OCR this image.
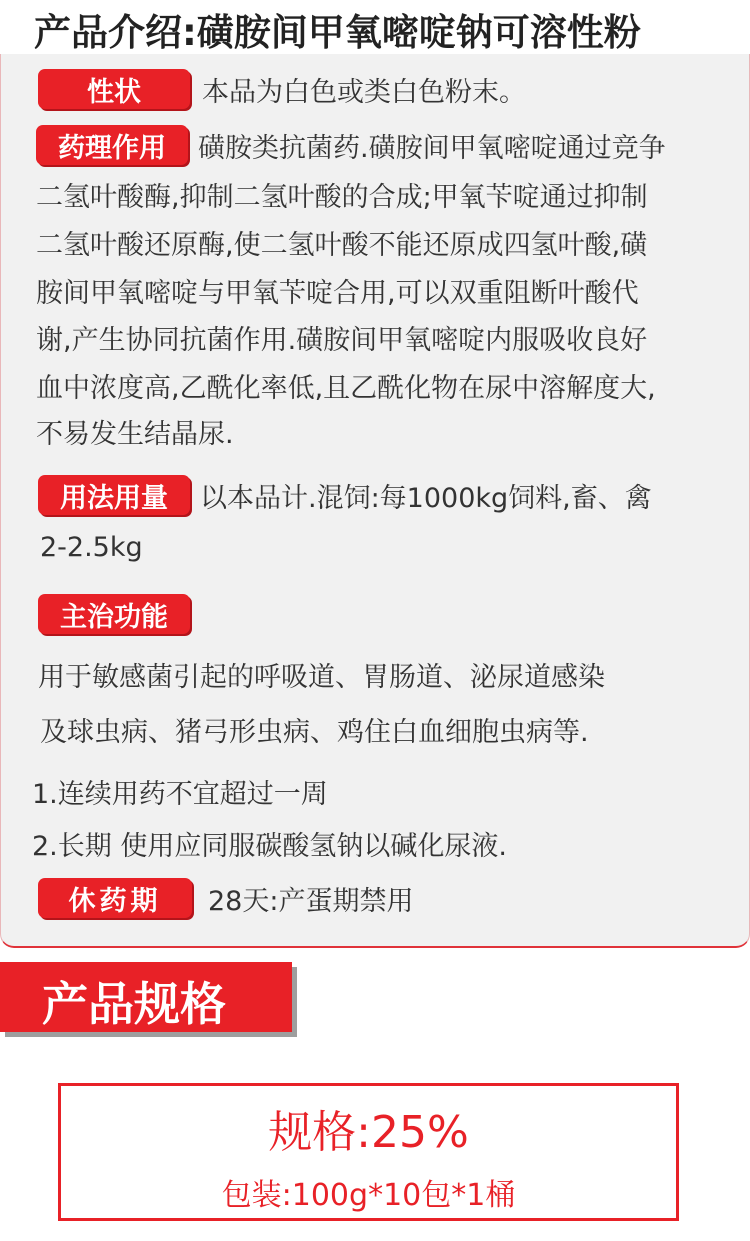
产品介绍:磺胺间甲氧嘧啶钠可溶性粉
性状	本品为白色或类白色粉末。
药理作用	磺胺类抗菌药.磺胺间甲氧嘧啶通过竞争
二氢叶酸酶,抑制二氢叶酸的合成;甲氧苄啶通过抑制
二氢叶酸还原酶,使二氢叶酸不能还原成四氢叶酸,磺
胺间甲氧嘧啶与甲氧苄啶合用,可以双重阻断叶酸代
谢,产生协同抗菌作用.磺胺间甲氧嘧啶内服吸收良好
血中浓度高,乙酰化率低,且乙酰化物在尿中溶解度大,
不易发生结晶尿.
用法用量	以本品计.混饲:每1000kg饲料,畜、禽
2-2.5kg
主治功能
用于敏感菌引起的呼吸道、胃肠道、泌尿道感染
及球虫病、猪弓形虫病、鸡住白血细胞虫病等.
1.连续用药不宜超过一周
2.长期 使用应同服碳酸氢钠以碱化尿液.
休药期	28天:产蛋期禁用
产品规格
规格:25%
包装:100g*10包*1桶
